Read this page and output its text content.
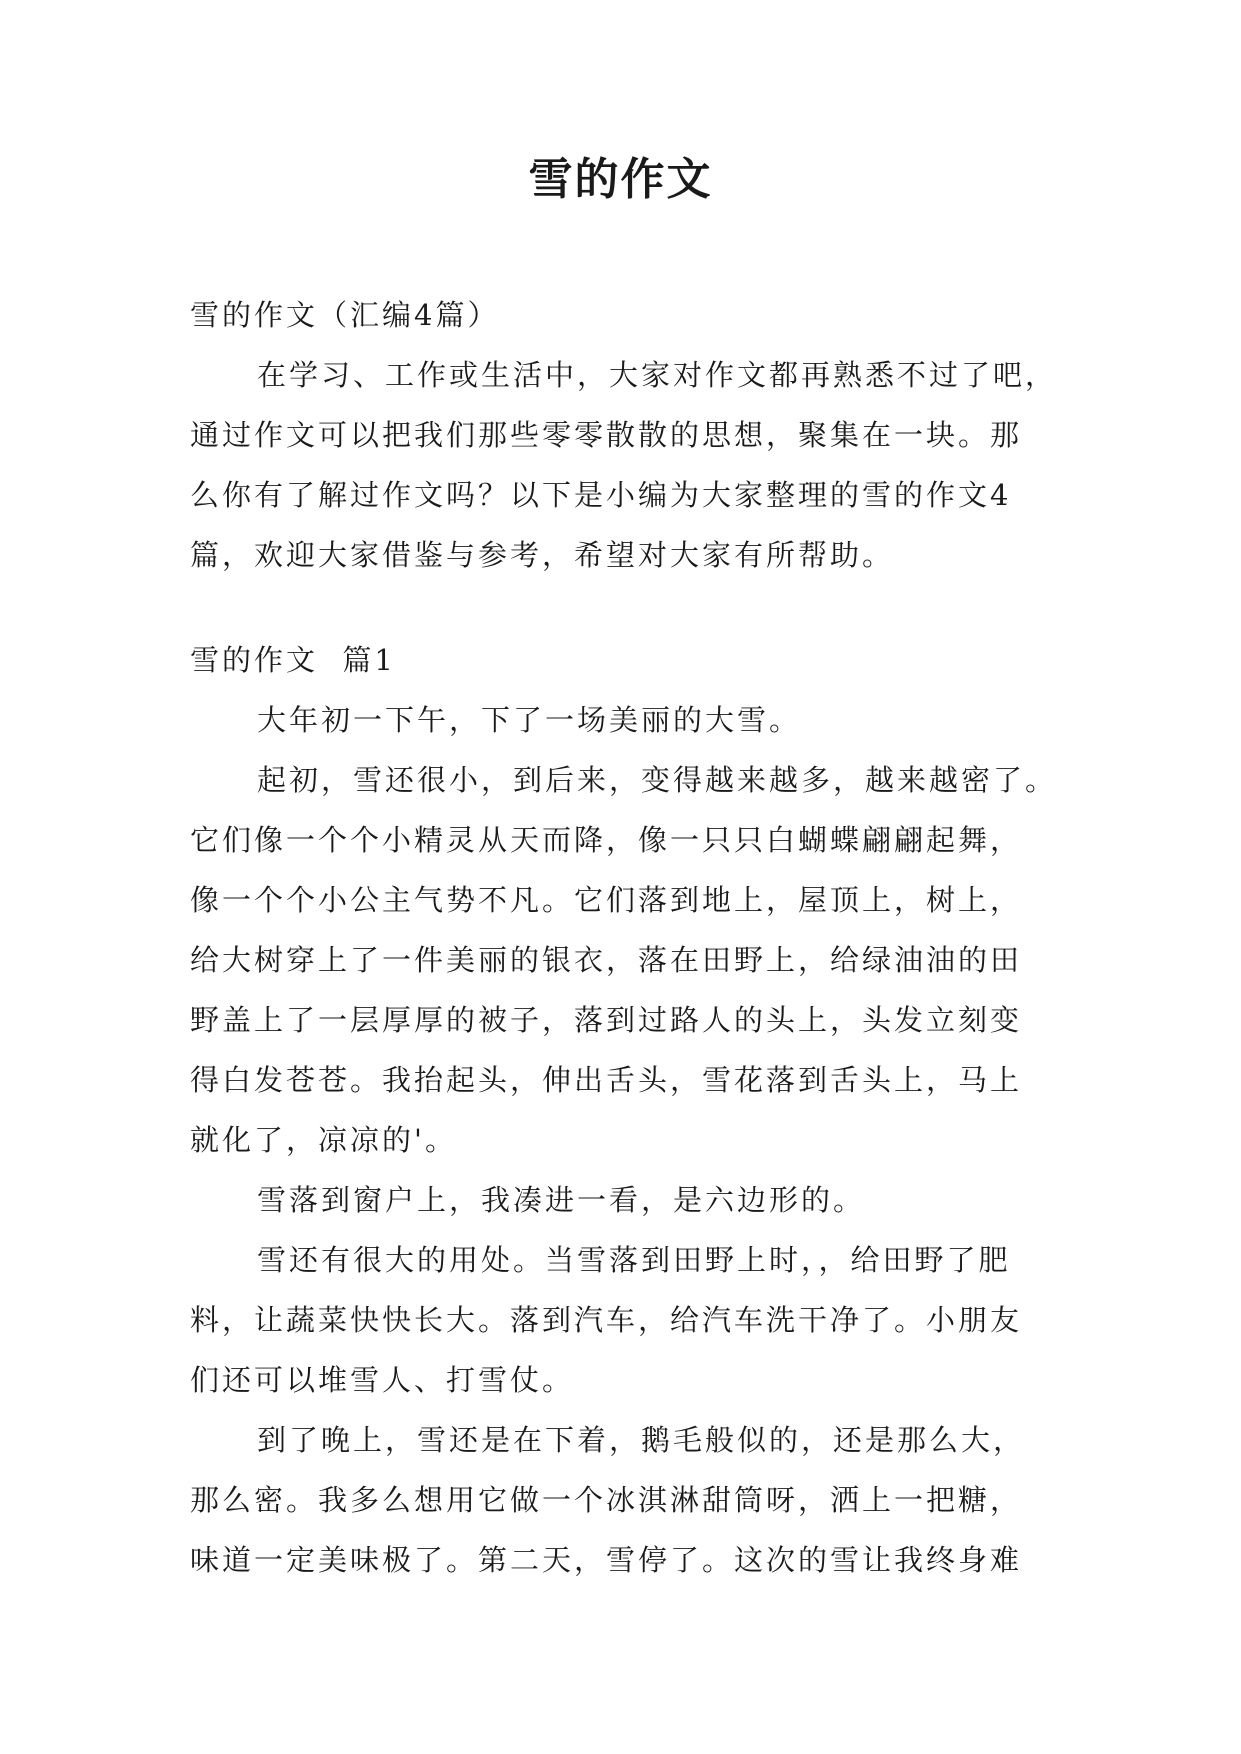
雪的作文
雪的作文（汇编4篇）
在学习、工作或生活中，大家对作文都再熟悉不过了吧，
通过作文可以把我们那些零零散散的思想，聚集在一块。那
么你有了解过作文吗？以下是小编为大家整理的雪的作文4
篇，欢迎大家借鉴与参考，希望对大家有所帮助。
雪的作文  篇1
大年初一下午，下了一场美丽的大雪。
起初，雪还很小，到后来，变得越来越多，越来越密了。
它们像一个个小精灵从天而降，像一只只白蝴蝶翩翩起舞，
像一个个小公主气势不凡。它们落到地上，屋顶上，树上，
给大树穿上了一件美丽的银衣，落在田野上，给绿油油的田
野盖上了一层厚厚的被子，落到过路人的头上，头发立刻变
得白发苍苍。我抬起头，伸出舌头，雪花落到舌头上，马上
就化了，凉凉的'。
雪落到窗户上，我凑进一看，是六边形的。
雪还有很大的用处。当雪落到田野上时，，给田野了肥
料，让蔬菜快快长大。落到汽车，给汽车洗干净了。小朋友
们还可以堆雪人、打雪仗。
到了晚上，雪还是在下着，鹅毛般似的，还是那么大，
那么密。我多么想用它做一个冰淇淋甜筒呀，洒上一把糖，
味道一定美味极了。第二天，雪停了。这次的雪让我终身难
